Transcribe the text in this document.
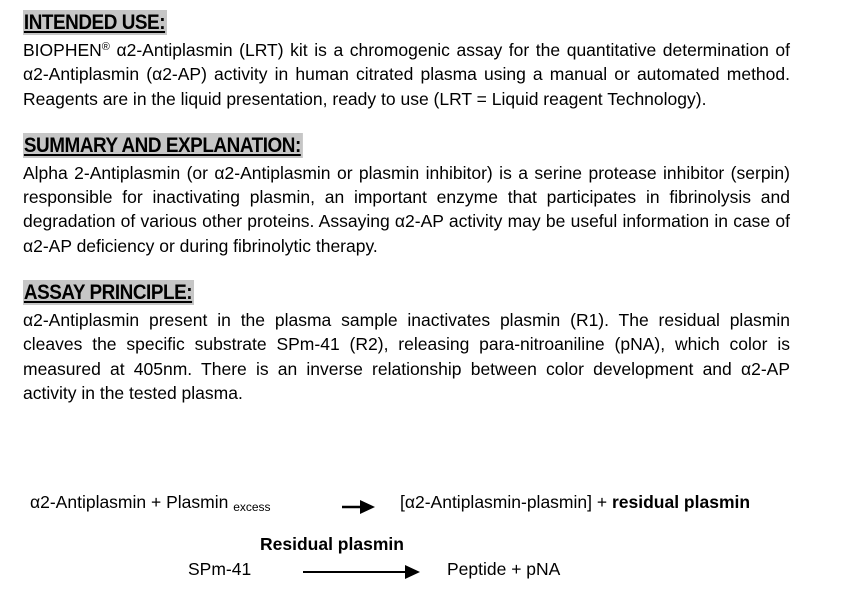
INTENDED USE:

BIOPHEN® α2-Antiplasmin (LRT) kit is a chromogenic assay for the quantitative determination of α2-Antiplasmin (α2-AP) activity in human citrated plasma using a manual or automated method. Reagents are in the liquid presentation, ready to use (LRT = Liquid reagent Technology).

SUMMARY AND EXPLANATION:

Alpha 2-Antiplasmin (or α2-Antiplasmin or plasmin inhibitor) is a serine protease inhibitor (serpin) responsible for inactivating plasmin, an important enzyme that participates in fibrinolysis and degradation of various other proteins. Assaying α2-AP activity may be useful information in case of α2-AP deficiency or during fibrinolytic therapy.

ASSAY PRINCIPLE:

α2-Antiplasmin present in the plasma sample inactivates plasmin (R1). The residual plasmin cleaves the specific substrate SPm-41 (R2), releasing para-nitroaniline (pNA), which color is measured at 405nm. There is an inverse relationship between color development and α2-AP activity in the tested plasma.

α2-Antiplasmin + Plasmin excess	→ [α2-Antiplasmin-plasmin] + residual plasmin
Residual plasmin
SPm-41	Peptide + pNA
